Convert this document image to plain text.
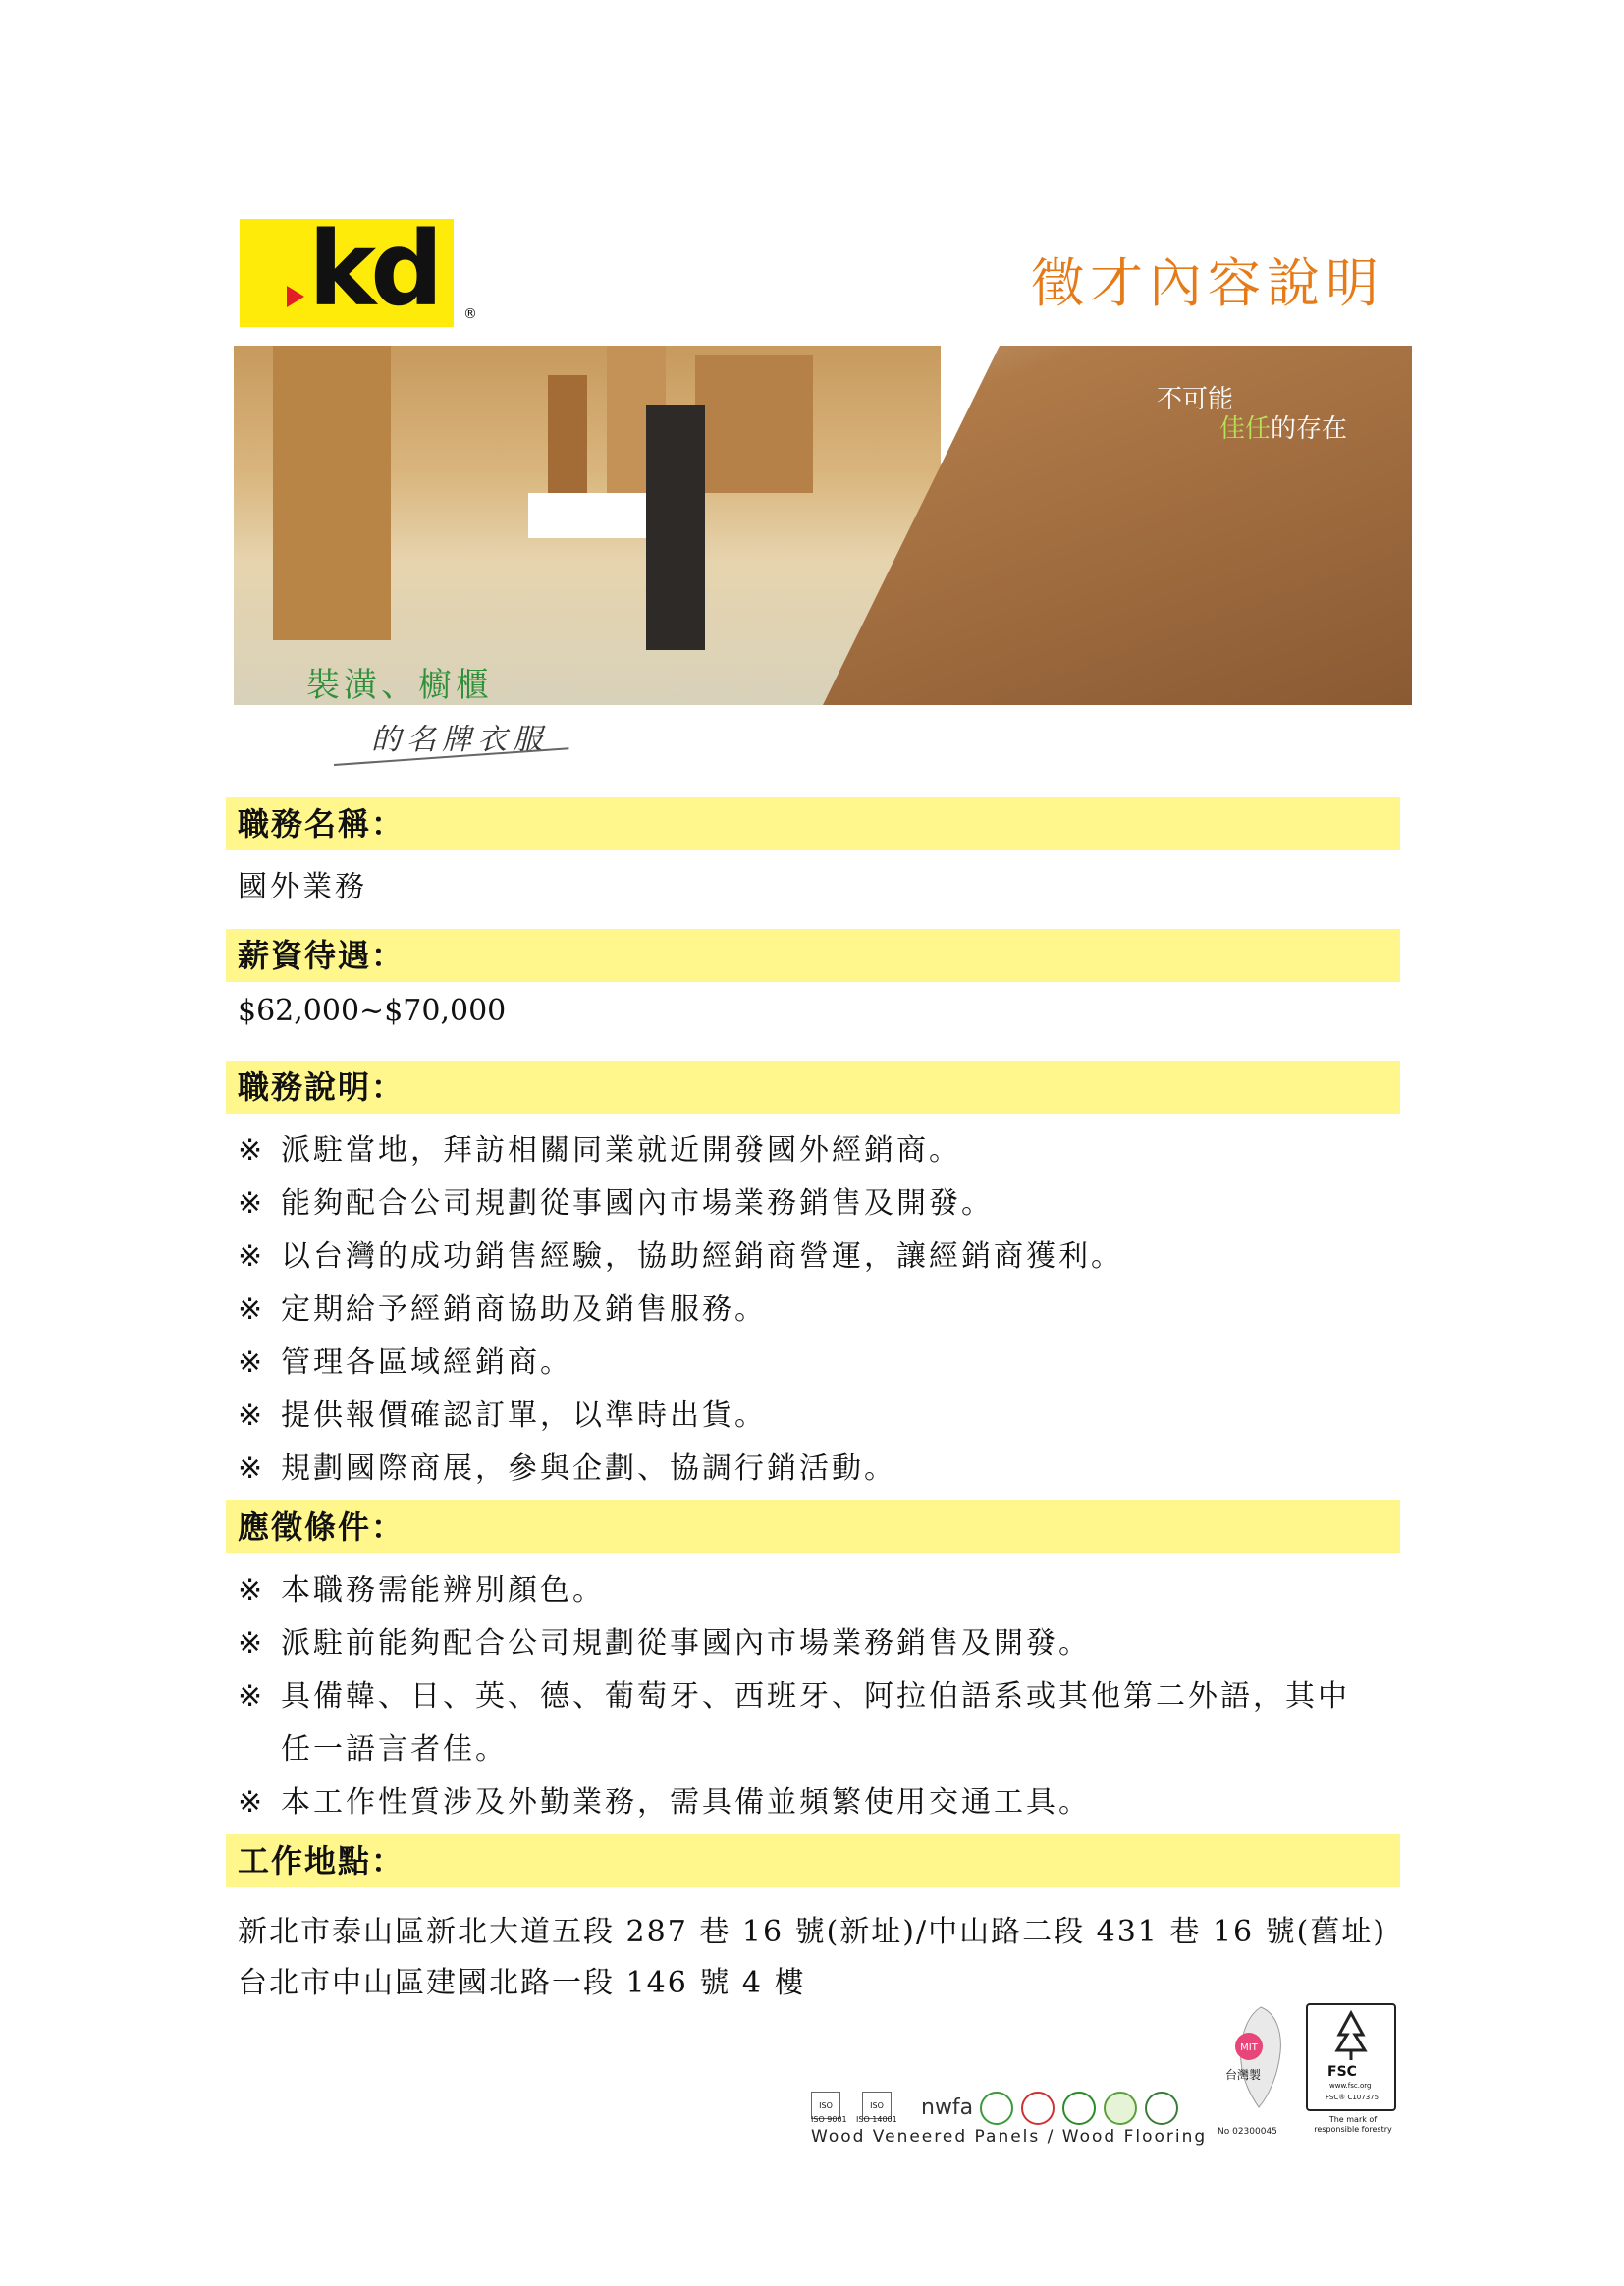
kd ®	徵才內容說明
裝潢、櫥櫃
不可能
佳任的存在
的名牌衣服
職務名稱：
國外業務
薪資待遇：
$62,000~$70,000
職務說明：
※ 派駐當地，拜訪相關同業就近開發國外經銷商。
※ 能夠配合公司規劃從事國內市場業務銷售及開發。
※ 以台灣的成功銷售經驗，協助經銷商營運，讓經銷商獲利。
※ 定期給予經銷商協助及銷售服務。
※ 管理各區域經銷商。
※ 提供報價確認訂單，以準時出貨。
※ 規劃國際商展，參與企劃、協調行銷活動。
應徵條件：
※ 本職務需能辨別顏色。
※ 派駐前能夠配合公司規劃從事國內市場業務銷售及開發。
※ 具備韓、日、英、德、葡萄牙、西班牙、阿拉伯語系或其他第二外語，其中
任一語言者佳。
※ 本工作性質涉及外勤業務，需具備並頻繁使用交通工具。
工作地點：
新北市泰山區新北大道五段 287 巷 16 號(新址)/中山路二段 431 巷 16 號(舊址)
台北市中山區建國北路一段 146 號 4 樓
ISO	ISO	nwfa
ISO 9001 ISO 14001
Wood Veneered Panels / Wood Flooring No 02300045
MIT
台灣製	FSC
www.fsc.org
FSC® C107375
The mark of responsible forestry
